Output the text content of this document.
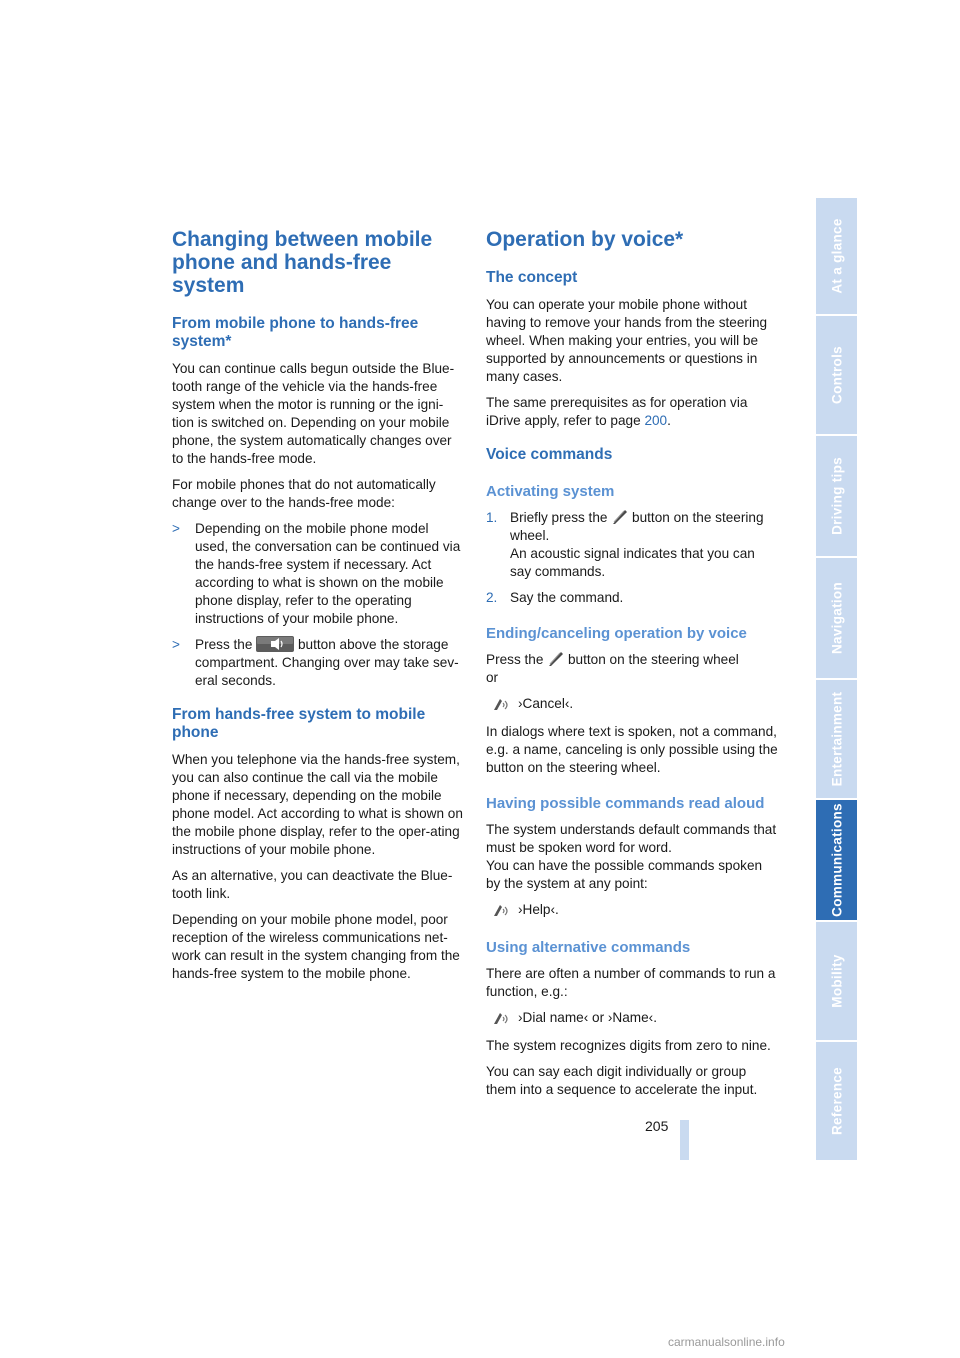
Changing between mobile phone and hands-free system
From mobile phone to hands-free system*

You can continue calls begun outside the Blue-tooth range of the vehicle via the hands-free system when the motor is running or the igni-tion is switched on. Depending on your mobile phone, the system automatically changes over to the hands-free mode.

For mobile phones that do not automatically change over to the hands-free mode:

>	Depending on the mobile phone model used, the conversation can be continued via the hands-free system if necessary. Act according to what is shown on the mobile phone display, refer to the operating instructions of your mobile phone.
>	Press the	button above the storage compartment. Changing over may take sev-eral seconds.
From hands-free system to mobile phone

When you telephone via the hands-free system, you can also continue the call via the mobile phone if necessary, depending on the mobile phone model. Act according to what is shown on the mobile phone display, refer to the oper-ating instructions of your mobile phone.

As an alternative, you can deactivate the Blue-tooth link.

Depending on your mobile phone model, poor reception of the wireless communications net-work can result in the system changing from the hands-free system to the mobile phone.

Operation by voice*
The concept

You can operate your mobile phone without having to remove your hands from the steering wheel. When making your entries, you will be supported by announcements or questions in many cases.

The same prerequisites as for operation via iDrive apply, refer to page 200.

Voice commands
Activating system
1. Briefly press the button on the steering wheel.
An acoustic signal indicates that you can say commands.
2. Say the command.
Ending/canceling operation by voice

Press the button on the steering wheel
or

›Cancel‹.

In dialogs where text is spoken, not a command, e.g. a name, canceling is only possible using the button on the steering wheel.

Having possible commands read aloud

The system understands default commands that must be spoken word for word.
You can have the possible commands spoken by the system at any point:

›Help‹.
Using alternative commands

There are often a number of commands to run a function, e.g.:

›Dial name‹ or ›Name‹.

The system recognizes digits from zero to nine.

You can say each digit individually or group them into a sequence to accelerate the input.

205
At a glance
Controls
Driving tips
Navigation
Entertainment
Communications
Mobility
Reference
carmanualsonline.info
